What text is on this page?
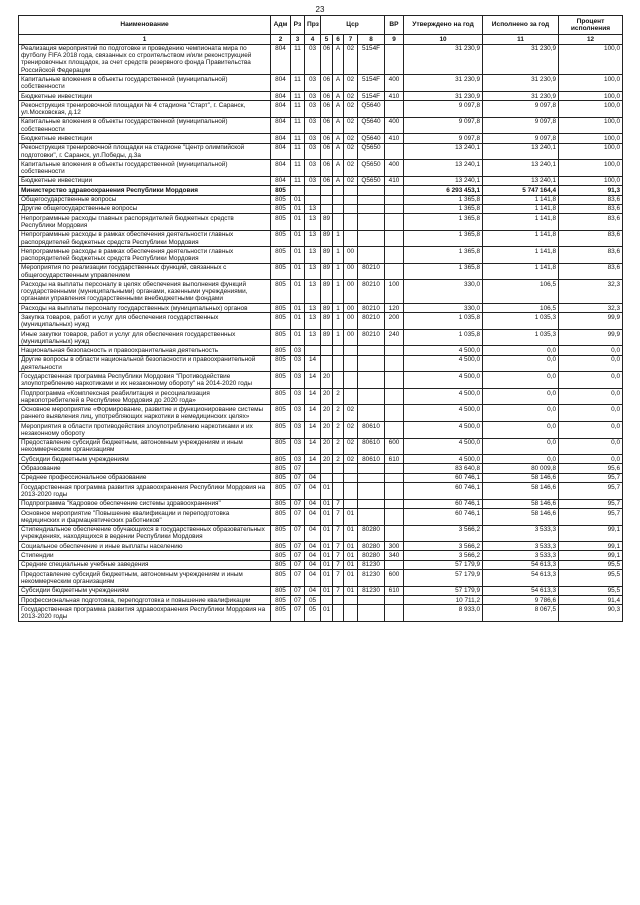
23
Наименование	Адм	Рз	Прз	Цср				ВР	Утверждено на год	Исполнено за год	Процент исполнения
1	2	3	4	5	6	7	8	9	10	11	12
Реализация мероприятий по подготовке и проведению чемпионата мира по футболу FIFA 2018 года, связанных со строительством и/или реконструкцией тренировочных площадок, за счет средств резервного фонда Правительства Российской Федерации	804	11	03	06	А	02	5154F		31 230,9	31 230,9	100,0
Капитальные вложения в объекты государственной (муниципальной) собственности	804	11	03	06	А	02	5154F	400	31 230,9	31 230,9	100,0
Бюджетные инвестиции	804	11	03	06	А	02	5154F	410	31 230,9	31 230,9	100,0
Реконструкция тренировочной площадки № 4 стадиона "Старт", г. Саранск, ул.Московская, д.12	804	11	03	06	А	02	Q5640		9 097,8	9 097,8	100,0
Капитальные вложения в объекты государственной (муниципальной) собственности	804	11	03	06	А	02	Q5640	400	9 097,8	9 097,8	100,0
Бюджетные инвестиции	804	11	03	06	А	02	Q5640	410	9 097,8	9 097,8	100,0
Реконструкция тренировочной площадки на стадионе "Центр олимпийской подготовки", г. Саранск, ул.Победы, д.3а	804	11	03	06	А	02	Q5650		13 240,1	13 240,1	100,0
Капитальные вложения в объекты государственной (муниципальной) собственности	804	11	03	06	А	02	Q5650	400	13 240,1	13 240,1	100,0
Бюджетные инвестиции	804	11	03	06	А	02	Q5650	410	13 240,1	13 240,1	100,0
Министерство здравоохранения Республики Мордовия	805								6 293 453,1	5 747 164,4	91,3
Общегосударственные вопросы	805	01							1 365,8	1 141,8	83,6
Другие общегосударственные вопросы	805	01	13						1 365,8	1 141,8	83,6
Непрограммные расходы главных распорядителей бюджетных средств Республики Мордовия	805	01	13	89					1 365,8	1 141,8	83,6
Непрограммные расходы в рамках обеспечения деятельности главных распорядителей бюджетных средств Республики Мордовия	805	01	13	89	1				1 365,8	1 141,8	83,6
Непрограммные расходы в рамках обеспечения деятельности главных распорядителей бюджетных средств Республики Мордовия	805	01	13	89	1	00			1 365,8	1 141,8	83,6
Мероприятия по реализации государственных функций, связанных с общегосударственным управлением	805	01	13	89	1	00	80210		1 365,8	1 141,8	83,6
Расходы на выплаты персоналу в целях обеспечения выполнения функций государственными (муниципальными) органами, казенными учреждениями, органами управления государственными внебюджетными фондами	805	01	13	89	1	00	80210	100	330,0	106,5	32,3
Расходы на выплаты персоналу государственных (муниципальных) органов	805	01	13	89	1	00	80210	120	330,0	106,5	32,3
Закупка товаров, работ и услуг для обеспечения государственных (муниципальных) нужд	805	01	13	89	1	00	80210	200	1 035,8	1 035,3	99,9
Иные закупки товаров, работ и услуг для обеспечения государственных (муниципальных) нужд	805	01	13	89	1	00	80210	240	1 035,8	1 035,3	99,9
Национальная безопасность и правоохранительная деятельность	805	03							4 500,0	0,0	0,0
Другие вопросы в области национальной безопасности и правоохранительной деятельности	805	03	14						4 500,0	0,0	0,0
Государственная программа Республики Мордовия "Противодействие злоупотреблению наркотиками и их незаконному обороту" на 2014-2020 годы	805	03	14	20					4 500,0	0,0	0,0
Подпрограмма «Комплексная реабилитация и ресоциализация наркопотребителей в Республике Мордовия до 2020 года»	805	03	14	20	2				4 500,0	0,0	0,0
Основное мероприятие «Формирование, развитие и функционирование системы раннего выявления лиц, употребляющих наркотики в немедицинских целях»	805	03	14	20	2	02			4 500,0	0,0	0,0
Мероприятия в области противодействия злоупотреблению наркотиками и их незаконному обороту	805	03	14	20	2	02	80610		4 500,0	0,0	0,0
Предоставление субсидий бюджетным, автономным учреждениям и иным некоммерческим организациям	805	03	14	20	2	02	80610	600	4 500,0	0,0	0,0
Субсидии бюджетным учреждениям	805	03	14	20	2	02	80610	610	4 500,0	0,0	0,0
Образование	805	07							83 640,8	80 009,8	95,6
Среднее профессиональное образование	805	07	04						60 746,1	58 146,6	95,7
Государственная программа развития здравоохранения Республики Мордовия на 2013-2020 годы	805	07	04	01					60 746,1	58 146,6	95,7
Подпрограмма "Кадровое обеспечение системы здравоохранения"	805	07	04	01	7				60 746,1	58 146,6	95,7
Основное мероприятие "Повышение квалификации и переподготовка медицинских и фармацевтических работников"	805	07	04	01	7	01			60 746,1	58 146,6	95,7
Стипендиальное обеспечение обучающихся в государственных образовательных учреждениях, находящихся в ведении Республики Мордовия	805	07	04	01	7	01	80280		3 566,2	3 533,3	99,1
Социальное обеспечение и иные выплаты населению	805	07	04	01	7	01	80280	300	3 566,2	3 533,3	99,1
Стипендии	805	07	04	01	7	01	80280	340	3 566,2	3 533,3	99,1
Средние специальные учебные заведения	805	07	04	01	7	01	81230		57 179,9	54 613,3	95,5
Предоставление субсидий бюджетным, автономным учреждениям и иным некоммерческим организациям	805	07	04	01	7	01	81230	600	57 179,9	54 613,3	95,5
Субсидии бюджетным учреждениям	805	07	04	01	7	01	81230	610	57 179,9	54 613,3	95,5
Профессиональная подготовка, переподготовка и повышение квалификации	805	07	05						10 711,2	9 786,6	91,4
Государственная программа развития здравоохранения Республики Мордовия на 2013-2020 годы	805	07	05	01					8 933,0	8 067,5	90,3
